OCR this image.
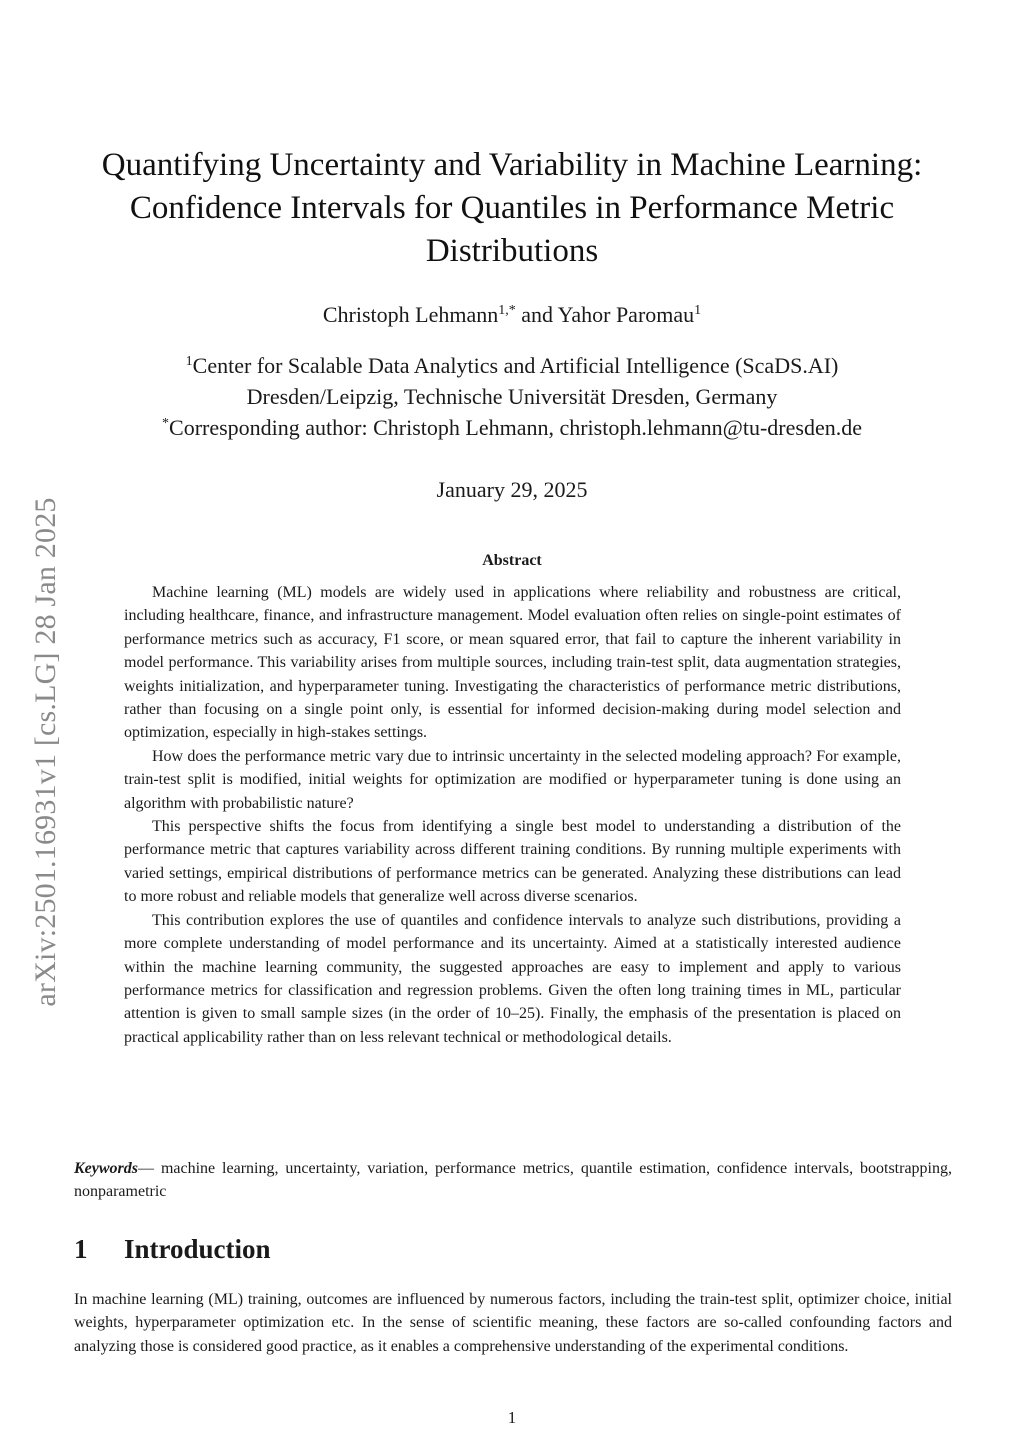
arXiv:2501.16931v1 [cs.LG] 28 Jan 2025
Quantifying Uncertainty and Variability in Machine Learning: Confidence Intervals for Quantiles in Performance Metric Distributions
Christoph Lehmann$^{1,*}$ and Yahor Paromau$^1$
$^1$Center for Scalable Data Analytics and Artificial Intelligence (ScaDS.AI)
Dresden/Leipzig, Technische Universität Dresden, Germany
*Corresponding author: Christoph Lehmann, christoph.lehmann@tu-dresden.de
January 29, 2025
Abstract

Machine learning (ML) models are widely used in applications where reliability and robustness are critical, including healthcare, finance, and infrastructure management. Model evaluation often relies on single-point estimates of performance metrics such as accuracy, F1 score, or mean squared error, that fail to capture the inherent variability in model performance. This variability arises from multiple sources, including train-test split, data augmentation strategies, weights initialization, and hyperparameter tuning. Investigating the characteristics of performance metric distributions, rather than focusing on a single point only, is essential for informed decision-making during model selection and optimization, especially in high-stakes settings.

How does the performance metric vary due to intrinsic uncertainty in the selected modeling approach? For example, train-test split is modified, initial weights for optimization are modified or hyperparameter tuning is done using an algorithm with probabilistic nature?

This perspective shifts the focus from identifying a single best model to understanding a distribution of the performance metric that captures variability across different training conditions. By running multiple experiments with varied settings, empirical distributions of performance metrics can be generated. Analyzing these distributions can lead to more robust and reliable models that generalize well across diverse scenarios.

This contribution explores the use of quantiles and confidence intervals to analyze such distributions, providing a more complete understanding of model performance and its uncertainty. Aimed at a statistically interested audience within the machine learning community, the suggested approaches are easy to implement and apply to various performance metrics for classification and regression problems. Given the often long training times in ML, particular attention is given to small sample sizes (in the order of 10–25). Finally, the emphasis of the presentation is placed on practical applicability rather than on less relevant technical or methodological details.

Keywords— machine learning, uncertainty, variation, performance metrics, quantile estimation, confidence intervals, bootstrapping, nonparametric
1 Introduction

In machine learning (ML) training, outcomes are influenced by numerous factors, including the train-test split, optimizer choice, initial weights, hyperparameter optimization etc. In the sense of scientific meaning, these factors are so-called confounding factors and analyzing those is considered good practice, as it enables a comprehensive understanding of the experimental conditions.

1
